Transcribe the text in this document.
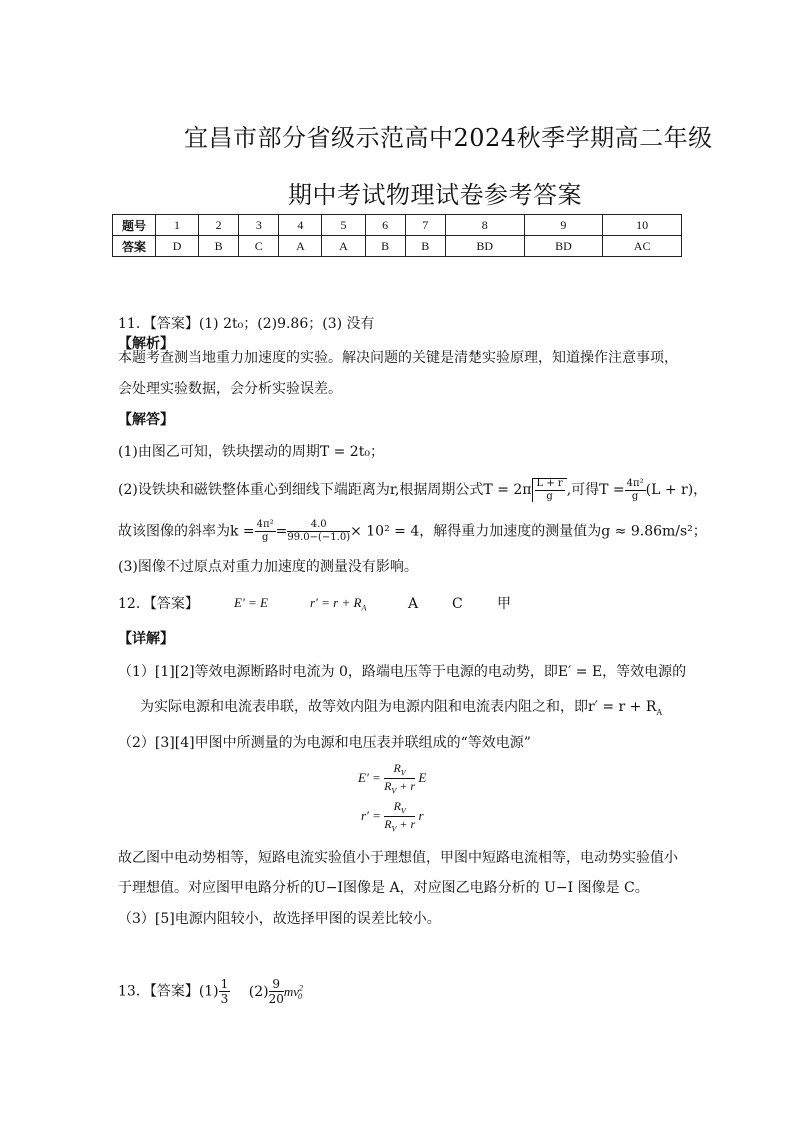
宜昌市部分省级示范高中2024秋季学期高二年级
期中考试物理试卷参考答案
题号	1	2	3	4	5	6	7	8	9	10
答案	D	B	C	A	A	B	B	BD	BD	AC
11．【答案】(1) 2t₀；(2)9.86；(3) 没有
【解析】
本题考查测当地重力加速度的实验。解决问题的关键是清楚实验原理，知道操作注意事项，
会处理实验数据，会分析实验误差。
【解答】
(1)由图乙可知，铁块摆动的周期T = 2t₀；
(2)设铁块和磁铁整体重心到细线下端距离为r,根据周期公式$T = 2\pi \frac{L + r}{g}$ ,可得$T = \frac{\text{4π²}}{g} (L + r)$，
故该图像的斜率为$k = \frac{\text{4π²}}{g} = \frac{4.0}{99.0-(-1.0)} \times 10^2 = 4$，解得重力加速度的测量值为g ≈ 9.86m/s²；
(3)图像不过原点对重力加速度的测量没有影响。
12．【答案】	E′ = E	$r' = r + R_A$	A C 甲
【详解】
（1）[1][2]等效电源断路时电流为 0，路端电压等于电源的电动势，即E′ = E，等效电源的
为实际电源和电流表串联，故等效内阻为电源内阻和电流表内阻之和，即$r' = r + R_A$
（2）[3][4]甲图中所测量的为电源和电压表并联组成的“等效电源”
$E' = \frac{R_V}{R_V + r}$ E
$r' = \frac{R_V}{R_V + r}$ r
故乙图中电动势相等，短路电流实验值小于理想值，甲图中短路电流相等，电动势实验值小
于理想值。对应图甲电路分析的U−I图像是 A，对应图乙电路分析的 U−I 图像是 C。
（3）[5]电源内阻较小，故选择甲图的误差比较小。
13．【答案】$(1) \frac{1}{3} (2) \frac{9}{20} mv^2_0$
